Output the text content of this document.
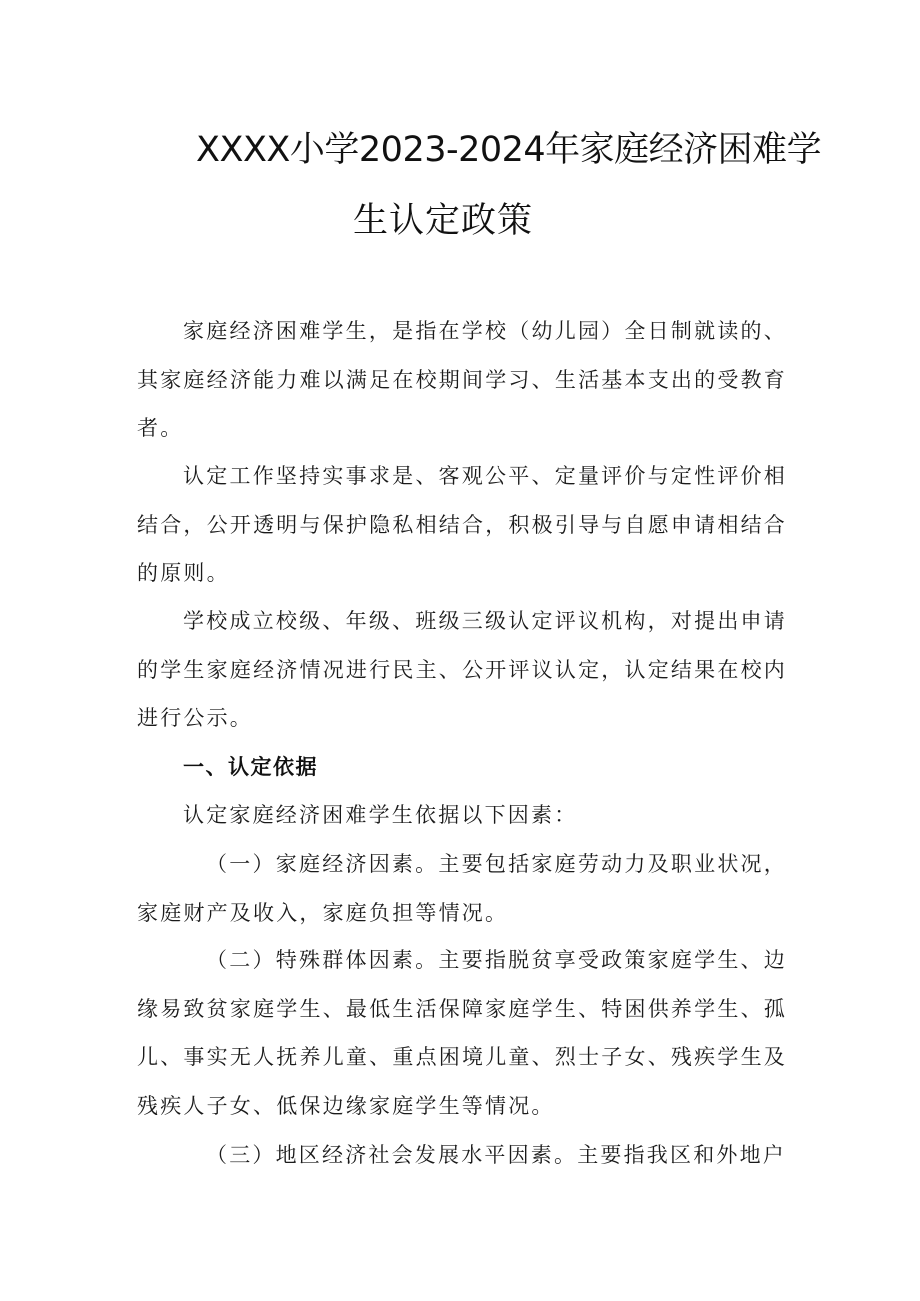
XXXX小学2023-2024年家庭经济困难学
生认定政策
家庭经济困难学生，是指在学校（幼儿园）全日制就读的、其家庭经济能力难以满足在校期间学习、生活基本支出的受教育者。
认定工作坚持实事求是、客观公平、定量评价与定性评价相结合，公开透明与保护隐私相结合，积极引导与自愿申请相结合的原则。
学校成立校级、年级、班级三级认定评议机构，对提出申请的学生家庭经济情况进行民主、公开评议认定，认定结果在校内进行公示。
一、认定依据
认定家庭经济困难学生依据以下因素：
（一）家庭经济因素。主要包括家庭劳动力及职业状况，家庭财产及收入，家庭负担等情况。
（二）特殊群体因素。主要指脱贫享受政策家庭学生、边缘易致贫家庭学生、最低生活保障家庭学生、特困供养学生、孤儿、事实无人抚养儿童、重点困境儿童、烈士子女、残疾学生及残疾人子女、低保边缘家庭学生等情况。
（三）地区经济社会发展水平因素。主要指我区和外地户
